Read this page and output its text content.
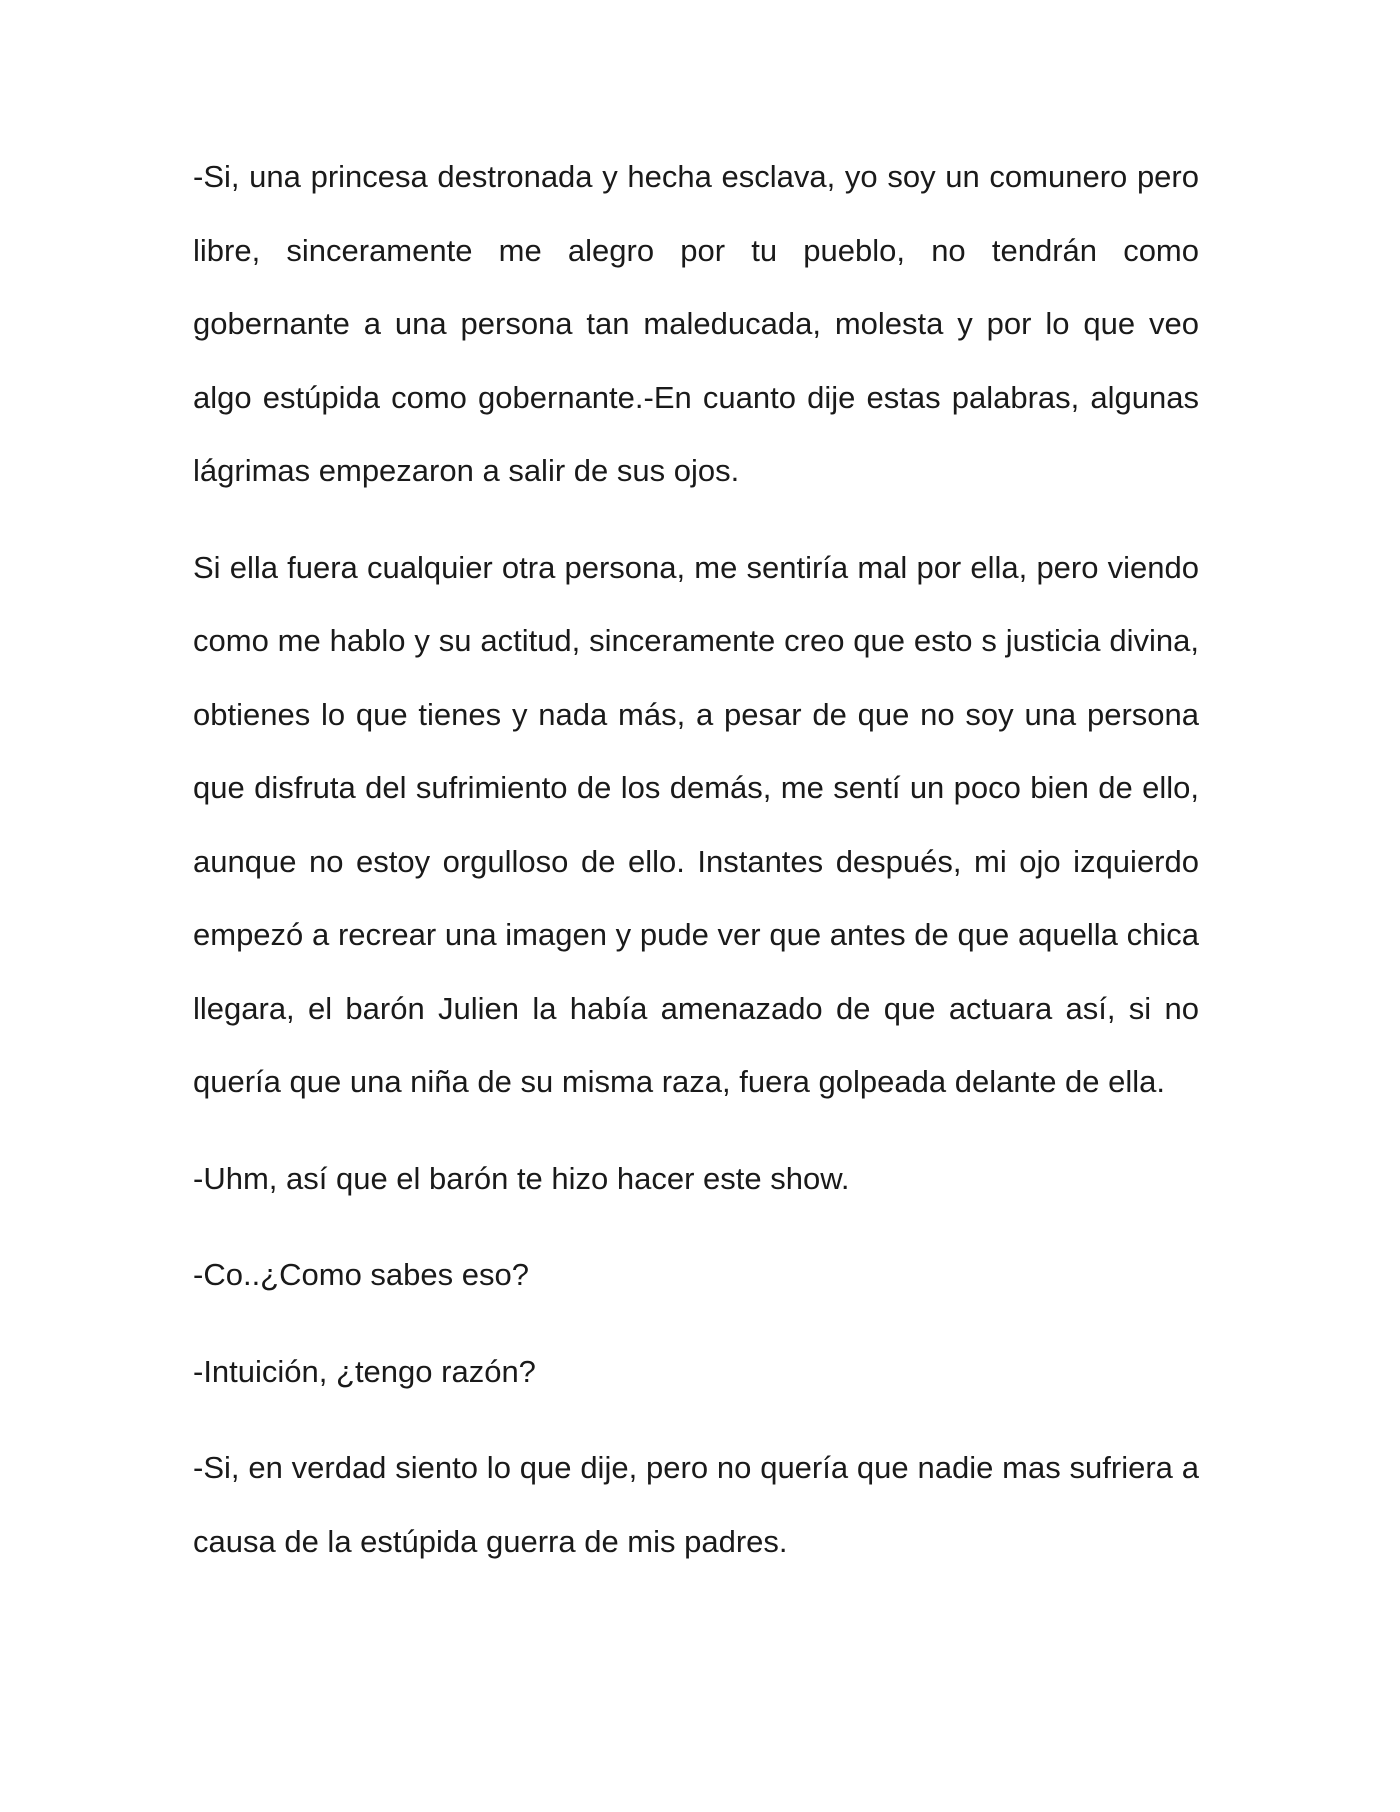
-Si, una princesa destronada y hecha esclava, yo soy un comunero pero libre, sinceramente me alegro por tu pueblo, no tendrán como gobernante a una persona tan maleducada, molesta y por lo que veo algo estúpida como gobernante.-En cuanto dije estas palabras, algunas lágrimas empezaron a salir de sus ojos.

Si ella fuera cualquier otra persona, me sentiría mal por ella, pero viendo como me hablo y su actitud, sinceramente creo que esto s justicia divina, obtienes lo que tienes y nada más, a pesar de que no soy una persona que disfruta del sufrimiento de los demás, me sentí un poco bien de ello, aunque no estoy orgulloso de ello. Instantes después, mi ojo izquierdo empezó a recrear una imagen y pude ver que antes de que aquella chica llegara, el barón Julien la había amenazado de que actuara así, si no quería que una niña de su misma raza, fuera golpeada delante de ella.

-Uhm, así que el barón te hizo hacer este show.

-Co..¿Como sabes eso?

-Intuición, ¿tengo razón?

-Si, en verdad siento lo que dije, pero no quería que nadie mas sufriera a causa de la estúpida guerra de mis padres.
